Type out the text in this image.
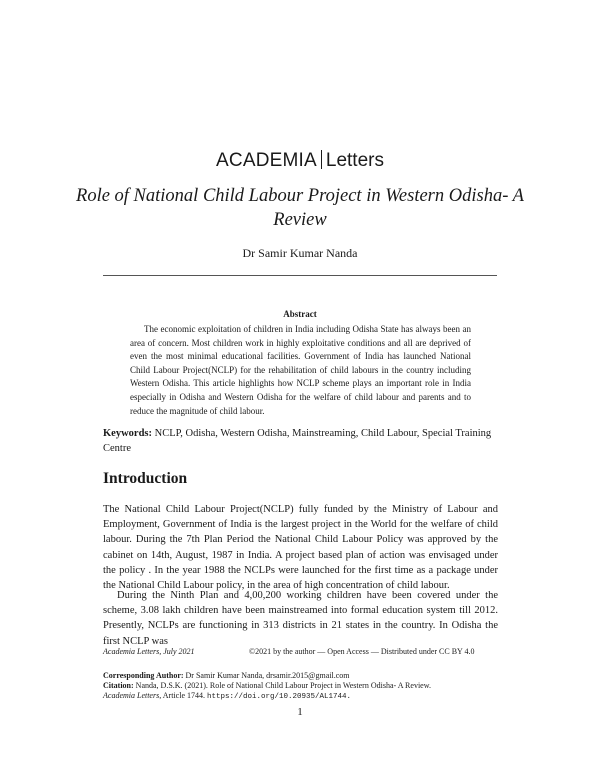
ACADEMIA Letters
Role of National Child Labour Project in Western Odisha- A Review
Dr Samir Kumar Nanda
Abstract

The economic exploitation of children in India including Odisha State has always been an area of concern. Most children work in highly exploitative conditions and all are deprived of even the most minimal educational facilities. Government of India has launched National Child Labour Project(NCLP) for the rehabilitation of child labours in the country including Western Odisha. This article highlights how NCLP scheme plays an important role in India especially in Odisha and Western Odisha for the welfare of child labour and parents and to reduce the magnitude of child labour.

Keywords: NCLP, Odisha, Western Odisha, Mainstreaming, Child Labour, Special Training Centre

Introduction

The National Child Labour Project(NCLP) fully funded by the Ministry of Labour and Employment, Government of India is the largest project in the World for the welfare of child labour. During the 7th Plan Period the National Child Labour Policy was approved by the cabinet on 14th, August, 1987 in India. A project based plan of action was envisaged under the policy . In the year 1988 the NCLPs were launched for the first time as a package under the National Child Labour policy, in the area of high concentration of child labour.

During the Ninth Plan and 4,00,200 working children have been covered under the scheme, 3.08 lakh children have been mainstreamed into formal education system till 2012. Presently, NCLPs are functioning in 313 districts in 21 states in the country. In Odisha the first NCLP was

Academia Letters, July 2021	©2021 by the author — Open Access — Distributed under CC BY 4.0
Corresponding Author: Dr Samir Kumar Nanda, drsamir.2015@gmail.com
Citation: Nanda, D.S.K. (2021). Role of National Child Labour Project in Western Odisha- A Review.
Academia Letters, Article 1744. https://doi.org/10.20935/AL1744.
1
